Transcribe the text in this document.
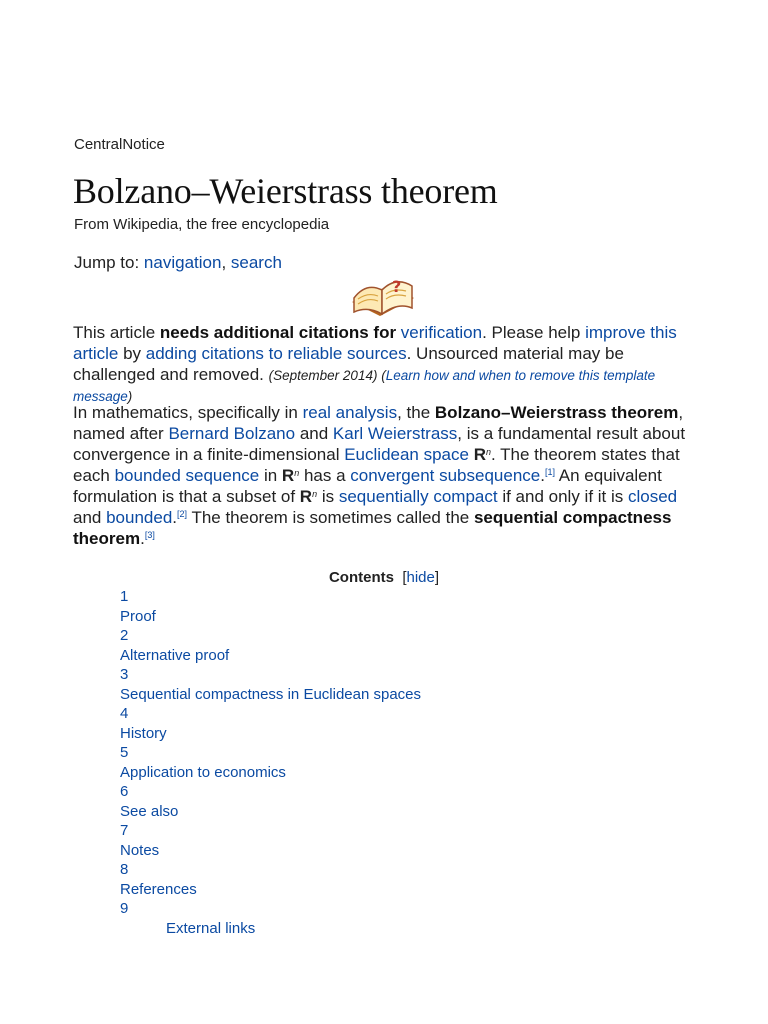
CentralNotice
Bolzano–Weierstrass theorem
From Wikipedia, the free encyclopedia
Jump to: navigation, search
?
This article needs additional citations for verification. Please help improve this article by adding citations to reliable sources. Unsourced material may be challenged and removed. (September 2014) (Learn how and when to remove this template message)
In mathematics, specifically in real analysis, the Bolzano–Weierstrass theorem, named after Bernard Bolzano and Karl Weierstrass, is a fundamental result about convergence in a finite-dimensional Euclidean space $R^n$. The theorem states that each bounded sequence in $R^n$ has a convergent subsequence.[1] An equivalent formulation is that a subset of $R^n$ is sequentially compact if and only if it is closed and bounded.[2] The theorem is sometimes called the sequential compactness theorem.[3]
Contents [hide]
1
Proof
2
Alternative proof
3
Sequential compactness in Euclidean spaces
4
History
5
Application to economics
6
See also
7
Notes
8
References
9
External links
